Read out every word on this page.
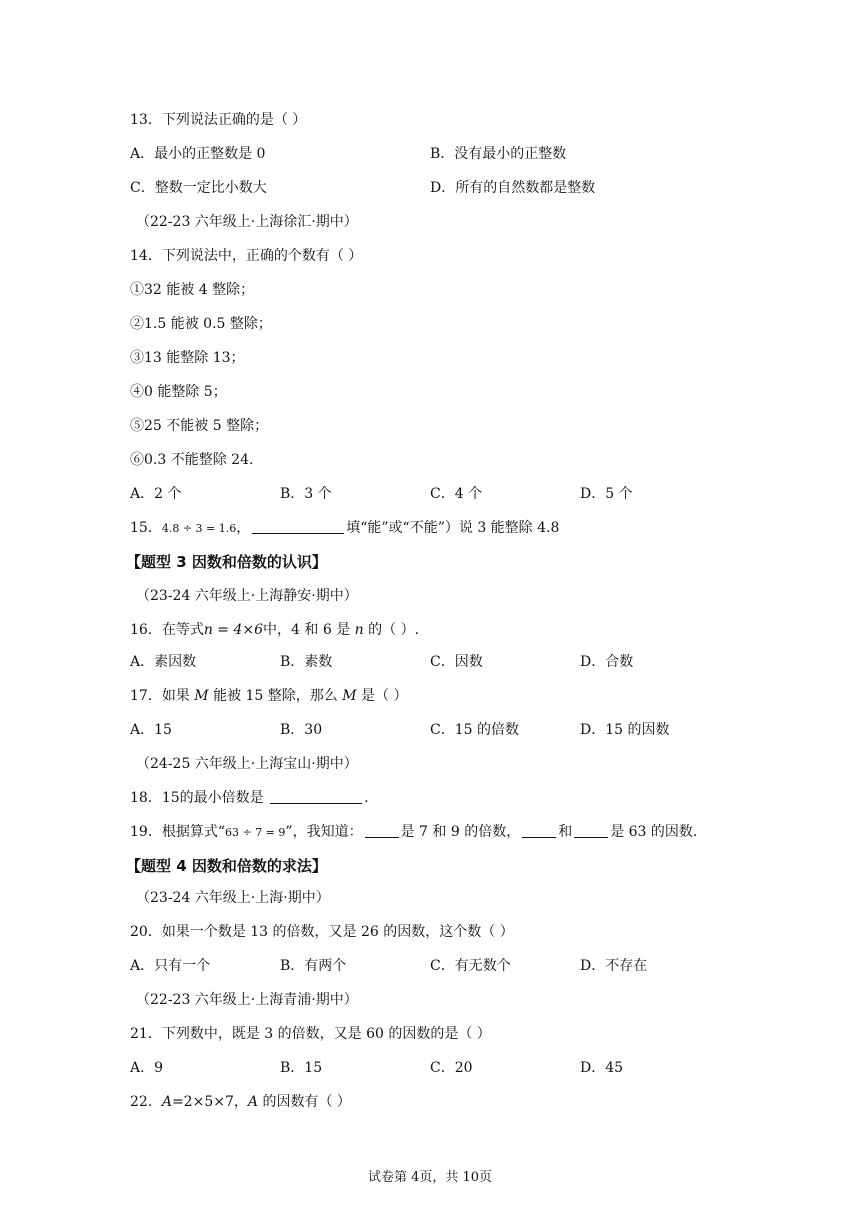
13．下列说法正确的是（ ）
A．最小的正整数是 0	B．没有最小的正整数
C．整数一定比小数大	D．所有的自然数都是整数
（22-23 六年级上·上海徐汇·期中）
14．下列说法中，正确的个数有（ ）
①32 能被 4 整除；
②1.5 能被 0.5 整除；
③13 能整除 13；
④0 能整除 5；
⑤25 不能被 5 整除；
⑥0.3 不能整除 24.
A．2 个	B．3 个	C．4 个	D．5 个
15．4.8 ÷ 3 = 1.6，	填“能”或“不能”）说 3 能整除 4.8
【题型 3 因数和倍数的认识】
（23-24 六年级上·上海静安·期中）
16．在等式n = 4×6中，4 和 6 是 n 的（ ）.
A．素因数	B．素数	C．因数	D．合数
17．如果 M 能被 15 整除，那么 M 是（ ）
A．15	B．30	C．15 的倍数	D．15 的因数
（24-25 六年级上·上海宝山·期中）
18．15的最小倍数是	.
19．根据算式“63 ÷ 7 = 9”，我知道：	是 7 和 9 的倍数，	和	是 63 的因数.
【题型 4 因数和倍数的求法】
（23-24 六年级上·上海·期中）
20．如果一个数是 13 的倍数，又是 26 的因数，这个数（ ）
A．只有一个	B．有两个	C．有无数个	D．不存在
（22-23 六年级上·上海青浦·期中）
21．下列数中，既是 3 的倍数，又是 60 的因数的是（ ）
A．9	B．15	C．20	D．45
22．A=2×5×7，A 的因数有（ ）
试卷第 4页，共 10页
